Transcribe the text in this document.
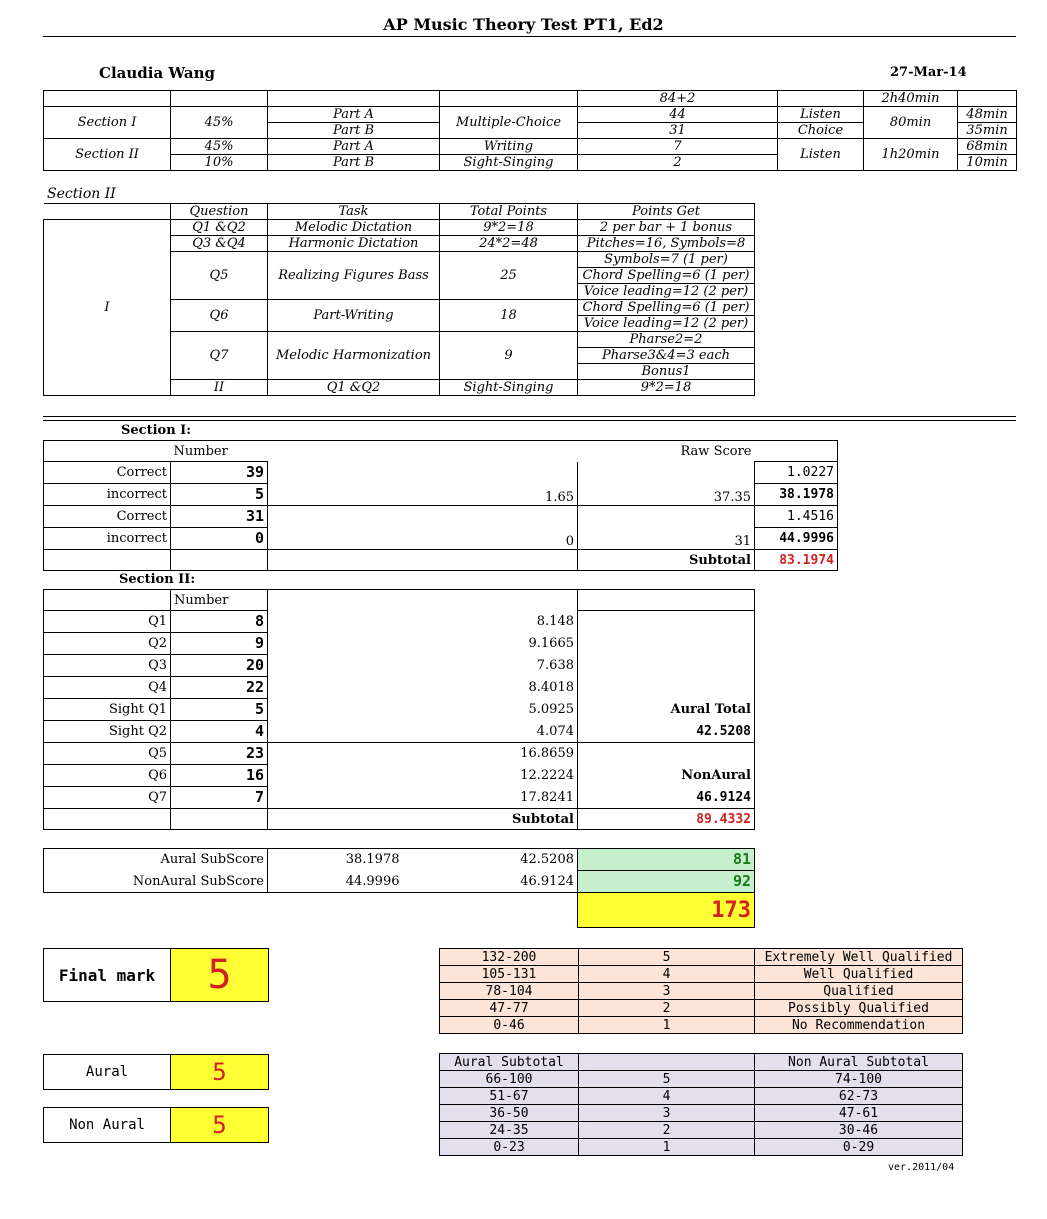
AP Music Theory Test PT1, Ed2
Claudia Wang	27-Mar-14
				84+2		2h40min	
Section I	45%	Part A	Multiple-Choice	44	Listen	80min	48min
		Part B		31	Choice		35min
Section II	45%	Part A	Writing	7	Listen	1h20min	68min
	10%	Part B	Sight-Singing	2			10min
Section II
	Question	Task	Total Points	Points Get	
I	Q1 &Q2	Melodic Dictation	9*2=18	2 per bar + 1 bonus	
	Q3 &Q4	Harmonic Dictation	24*2=48	Pitches=16, Symbols=8	
	Q5	Realizing Figures Bass	25	Symbols=7 (1 per)	
				Chord Spelling=6 (1 per)	
				Voice leading=12 (2 per)	
	Q6	Part-Writing	18	Chord Spelling=6 (1 per)	
				Voice leading=12 (2 per)	
	Q7	Melodic Harmonization	9	Pharse2=2	
				Pharse3&4=3 each	
				Bonus1	
	II	Q1 &Q2	Sight-Singing	9*2=18	
Section I:
	Number		Raw Score	
Correct	39	1.65	37.35	1.0227
incorrect	5			38.1978
Correct	31	0	31	1.4516
incorrect	0			44.9996
			Subtotal	83.1974
Section II:
	Number		
Q1	8	8.148	
Q2	9	9.1665	
Q3	20	7.638	
Q4	22	8.4018	
Sight Q1	5	5.0925	Aural Total
Sight Q2	4	4.074	42.5208
Q5	23	16.8659	
Q6	16	12.2224	NonAural
Q7	7	17.8241	46.9124
		Subtotal	89.4332
Aural SubScore	38.1978	42.5208	81
NonAural SubScore	44.9996	46.9124	92
			173
Final mark	5
Aural	5
Non Aural	5
132-200	5	Extremely Well Qualified
105-131	4	Well Qualified
78-104	3	Qualified
47-77	2	Possibly Qualified
0-46	1	No Recommendation
Aural Subtotal		Non Aural Subtotal
66-100	5	74-100
51-67	4	62-73
36-50	3	47-61
24-35	2	30-46
0-23	1	0-29
ver.2011/04
